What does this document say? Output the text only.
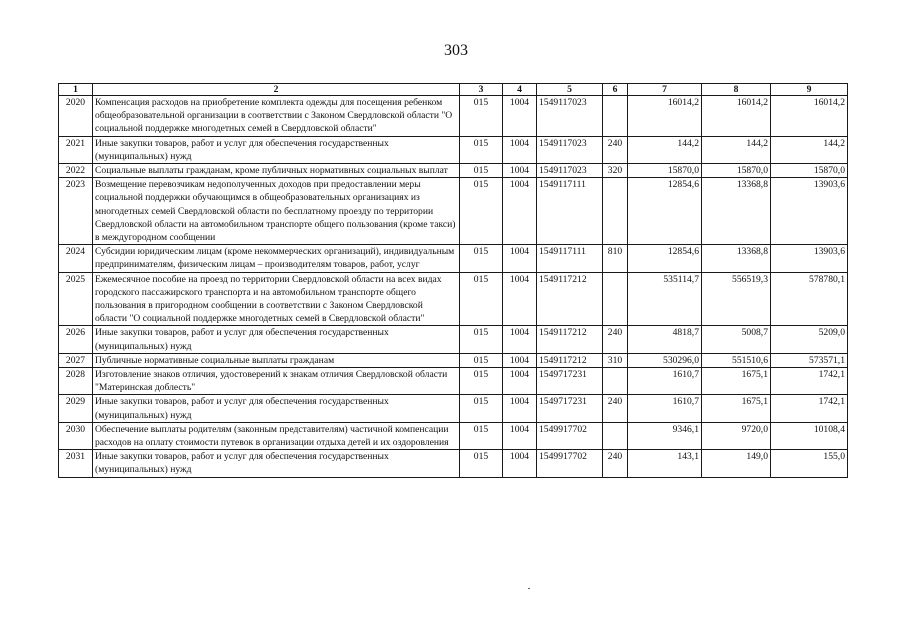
303
1	2	3	4	5	6	7	8	9
2020	Компенсация расходов на приобретение комплекта одежды для посещения ребенком общеобразовательной организации в соответствии с Законом Свердловской области "О социальной поддержке многодетных семей в Свердловской области"	015	1004	1549117023		16014,2	16014,2	16014,2
2021	Иные закупки товаров, работ и услуг для обеспечения государственных (муниципальных) нужд	015	1004	1549117023	240	144,2	144,2	144,2
2022	Социальные выплаты гражданам, кроме публичных нормативных социальных выплат	015	1004	1549117023	320	15870,0	15870,0	15870,0
2023	Возмещение перевозчикам недополученных доходов при предоставлении меры социальной поддержки обучающимся в общеобразовательных организациях из многодетных семей Свердловской области по бесплатному проезду по территории Свердловской области на автомобильном транспорте общего пользования (кроме такси) в междугородном сообщении	015	1004	1549117111		12854,6	13368,8	13903,6
2024	Субсидии юридическим лицам (кроме некоммерческих организаций), индивидуальным предпринимателям, физическим лицам – производителям товаров, работ, услуг	015	1004	1549117111	810	12854,6	13368,8	13903,6
2025	Ежемесячное пособие на проезд по территории Свердловской области на всех видах городского пассажирского транспорта и на автомобильном транспорте общего пользования в пригородном сообщении в соответствии с Законом Свердловской области "О социальной поддержке многодетных семей в Свердловской области"	015	1004	1549117212		535114,7	556519,3	578780,1
2026	Иные закупки товаров, работ и услуг для обеспечения государственных (муниципальных) нужд	015	1004	1549117212	240	4818,7	5008,7	5209,0
2027	Публичные нормативные социальные выплаты гражданам	015	1004	1549117212	310	530296,0	551510,6	573571,1
2028	Изготовление знаков отличия, удостоверений к знакам отличия Свердловской области "Материнская доблесть"	015	1004	1549717231		1610,7	1675,1	1742,1
2029	Иные закупки товаров, работ и услуг для обеспечения государственных (муниципальных) нужд	015	1004	1549717231	240	1610,7	1675,1	1742,1
2030	Обеспечение выплаты родителям (законным представителям) частичной компенсации расходов на оплату стоимости путевок в организации отдыха детей и их оздоровления	015	1004	1549917702		9346,1	9720,0	10108,4
2031	Иные закупки товаров, работ и услуг для обеспечения государственных (муниципальных) нужд	015	1004	1549917702	240	143,1	149,0	155,0
